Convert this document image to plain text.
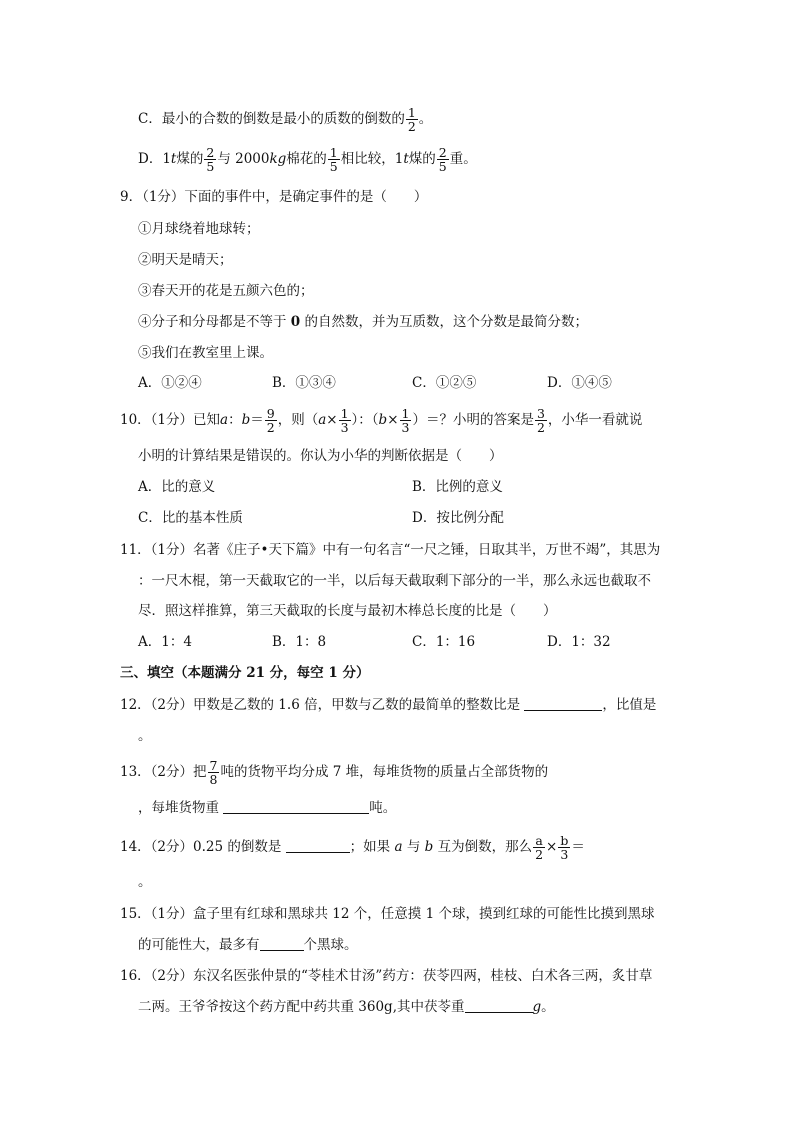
C．最小的合数的倒数是最小的质数的倒数的 $\frac{1}{2}$ 。
D．1t煤的 $\frac{2}{5}$ 与 2000kg棉花的 $\frac{1}{5}$ 相比较，1t煤的 $\frac{2}{5}$ 重。
9．（1分）下面的事件中，是确定事件的是（　　）
①月球绕着地球转；
②明天是晴天；
③春天开的花是五颜六色的；
④分子和分母都是不等于 0 的自然数，并为互质数，这个分数是最简分数；
⑤我们在教室里上课。
A．①②④	B．①③④	C．①②⑤	D．①④⑤
10．（1分）已知a：$b= \frac{9}{2}$ ，则（$a\times \frac{1}{3}$ ）：（$b\times \frac{1}{3}$ ）＝？小明的答案是 $\frac{3}{2}$ ，小华一看就说
小明的计算结果是错误的。你认为小华的判断依据是（　　）
A．比的意义	B．比例的意义
C．比的基本性质	D．按比例分配
11．（1分）名著《庄子•天下篇》中有一句名言“一尺之锤，日取其半，万世不竭”，其思为
：一尺木棍，第一天截取它的一半，以后每天截取剩下部分的一半，那么永远也截取不
尽．照这样推算，第三天截取的长度与最初木棒总长度的比是（　　）
A．1：4	B．1：8	C．1：16	D．1：32
三、填空（本题满分 21 分，每空 1 分）
12．（2分）甲数是乙数的 1.6 倍，甲数与乙数的最简单的整数比是	，比值是
。
13．（2分）把 $\frac{7}{8}$ 吨的货物平均分成 7 堆，每堆货物的质量占全部货物的
，每堆货物重	吨。
14．（2分）0.25 的倒数是	；如果 a 与 b 互为倒数，那么 $\frac{a}{2} \times \frac{b}{3}$ ＝
。
15．（1分）盒子里有红球和黑球共 12 个，任意摸 1 个球，摸到红球的可能性比摸到黑球
的可能性大，最多有	个黑球。
16．（2分）东汉名医张仲景的“苓桂术甘汤”药方：茯苓四两，桂枝、白术各三两，炙甘草
二两。王爷爷按这个药方配中药共重 360g,其中茯苓重	g。
